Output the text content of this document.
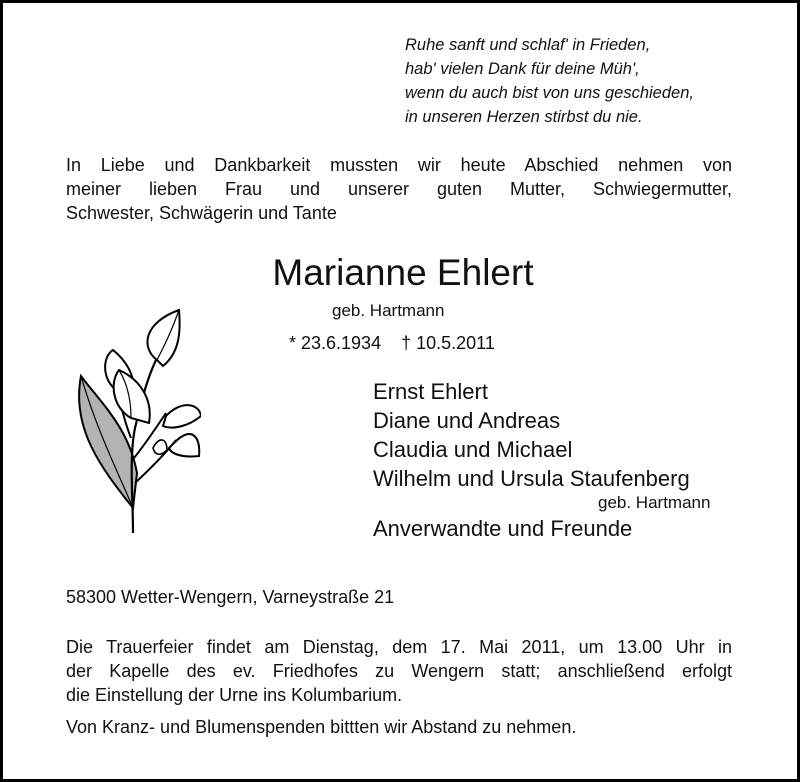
Ruhe sanft und schlaf' in Frieden,
hab' vielen Dank für deine Müh',
wenn du auch bist von uns geschieden,
in unseren Herzen stirbst du nie.
In Liebe und Dankbarkeit mussten wir heute Abschied nehmen von
meiner lieben Frau und unserer guten Mutter, Schwiegermutter,
Schwester, Schwägerin und Tante
Marianne Ehlert
geb. Hartmann
* 23.6.1934    † 10.5.2011
Ernst Ehlert
Diane und Andreas
Claudia und Michael
Wilhelm und Ursula Staufenberg
geb. Hartmann
Anverwandte und Freunde
58300 Wetter-Wengern, Varneystraße 21
Die Trauerfeier findet am Dienstag, dem 17. Mai 2011, um 13.00 Uhr in
der Kapelle des ev. Friedhofes zu Wengern statt; anschließend erfolgt
die Einstellung der Urne ins Kolumbarium.
Von Kranz- und Blumenspenden bittten wir Abstand zu nehmen.
